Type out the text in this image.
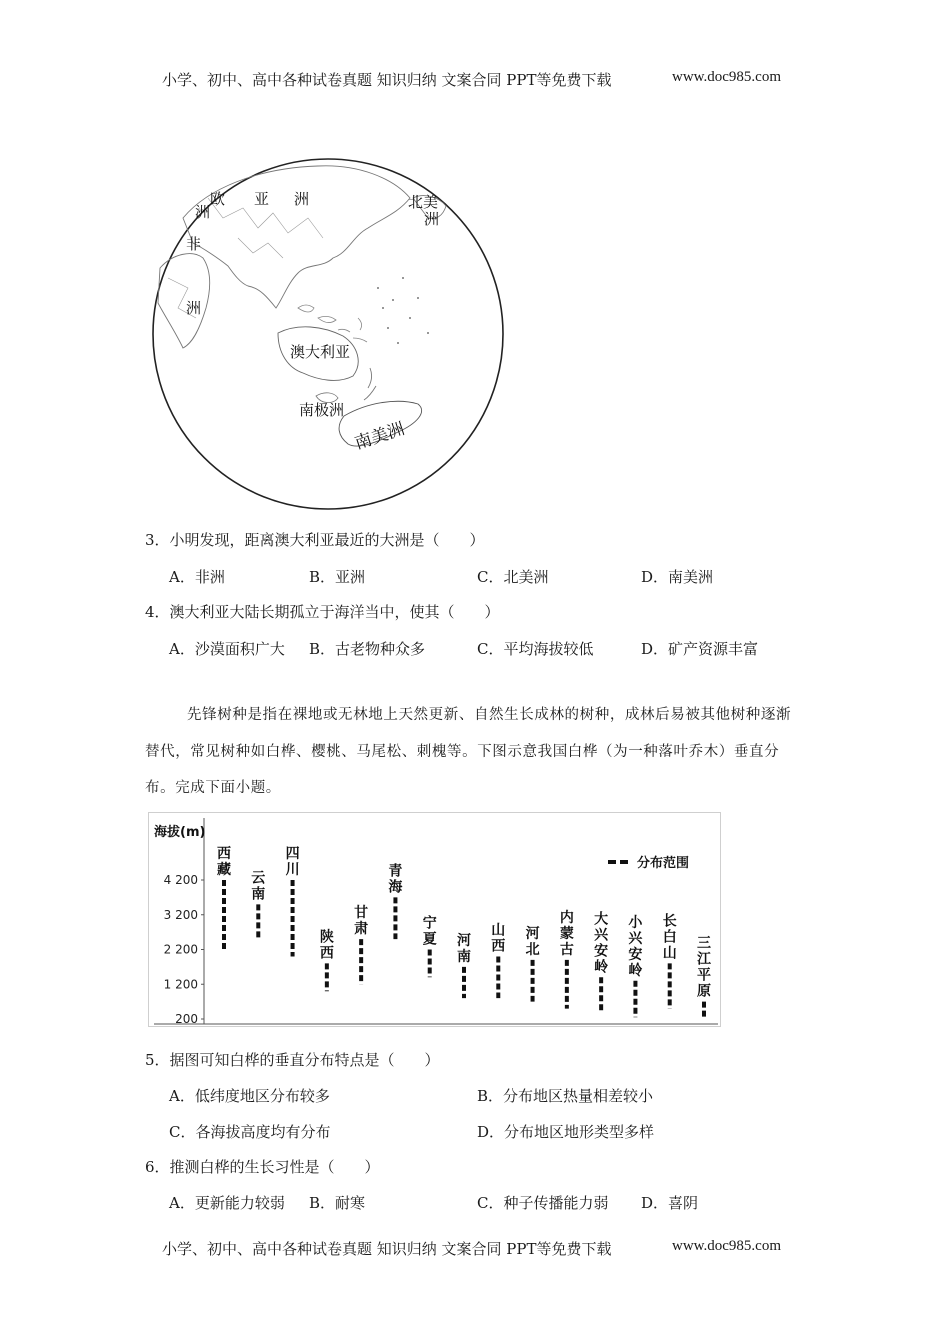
小学、初中、高中各种试卷真题 知识归纳 文案合同 PPT等免费下载	www.doc985.com
洲
欧 亚 洲	北美
洲
非
洲
澳大利亚
南极洲
南美洲
3．小明发现，距离澳大利亚最近的大洲是（　　）
A．非洲	B．亚洲	C．北美洲	D．南美洲
4．澳大利亚大陆长期孤立于海洋当中，使其（　　）
A．沙漠面积广大 B．古老物种众多	C．平均海拔较低	D．矿产资源丰富

先锋树种是指在裸地或无林地上天然更新、自然生长成林的树种，成林后易被其他树种逐渐替代，常见树种如白桦、樱桃、马尾松、刺槐等。下图示意我国白桦（为一种落叶乔木）垂直分布。完成下面小题。

海拔(m)
200
1 200
2 200
3 200
4 200
西藏
云南
四川
陕西
甘肃
青海
宁夏 河南
山西
河北
内蒙古
大兴安岭
小兴安岭
长白山
三江平原
分布范围
5．据图可知白桦的垂直分布特点是（　　）
A．低纬度地区分布较多	B．分布地区热量相差较小
C．各海拔高度均有分布	D．分布地区地形类型多样
6．推测白桦的生长习性是（　　）
A．更新能力较弱 B．耐寒	C．种子传播能力弱 D．喜阴
小学、初中、高中各种试卷真题 知识归纳 文案合同 PPT等免费下载	www.doc985.com
